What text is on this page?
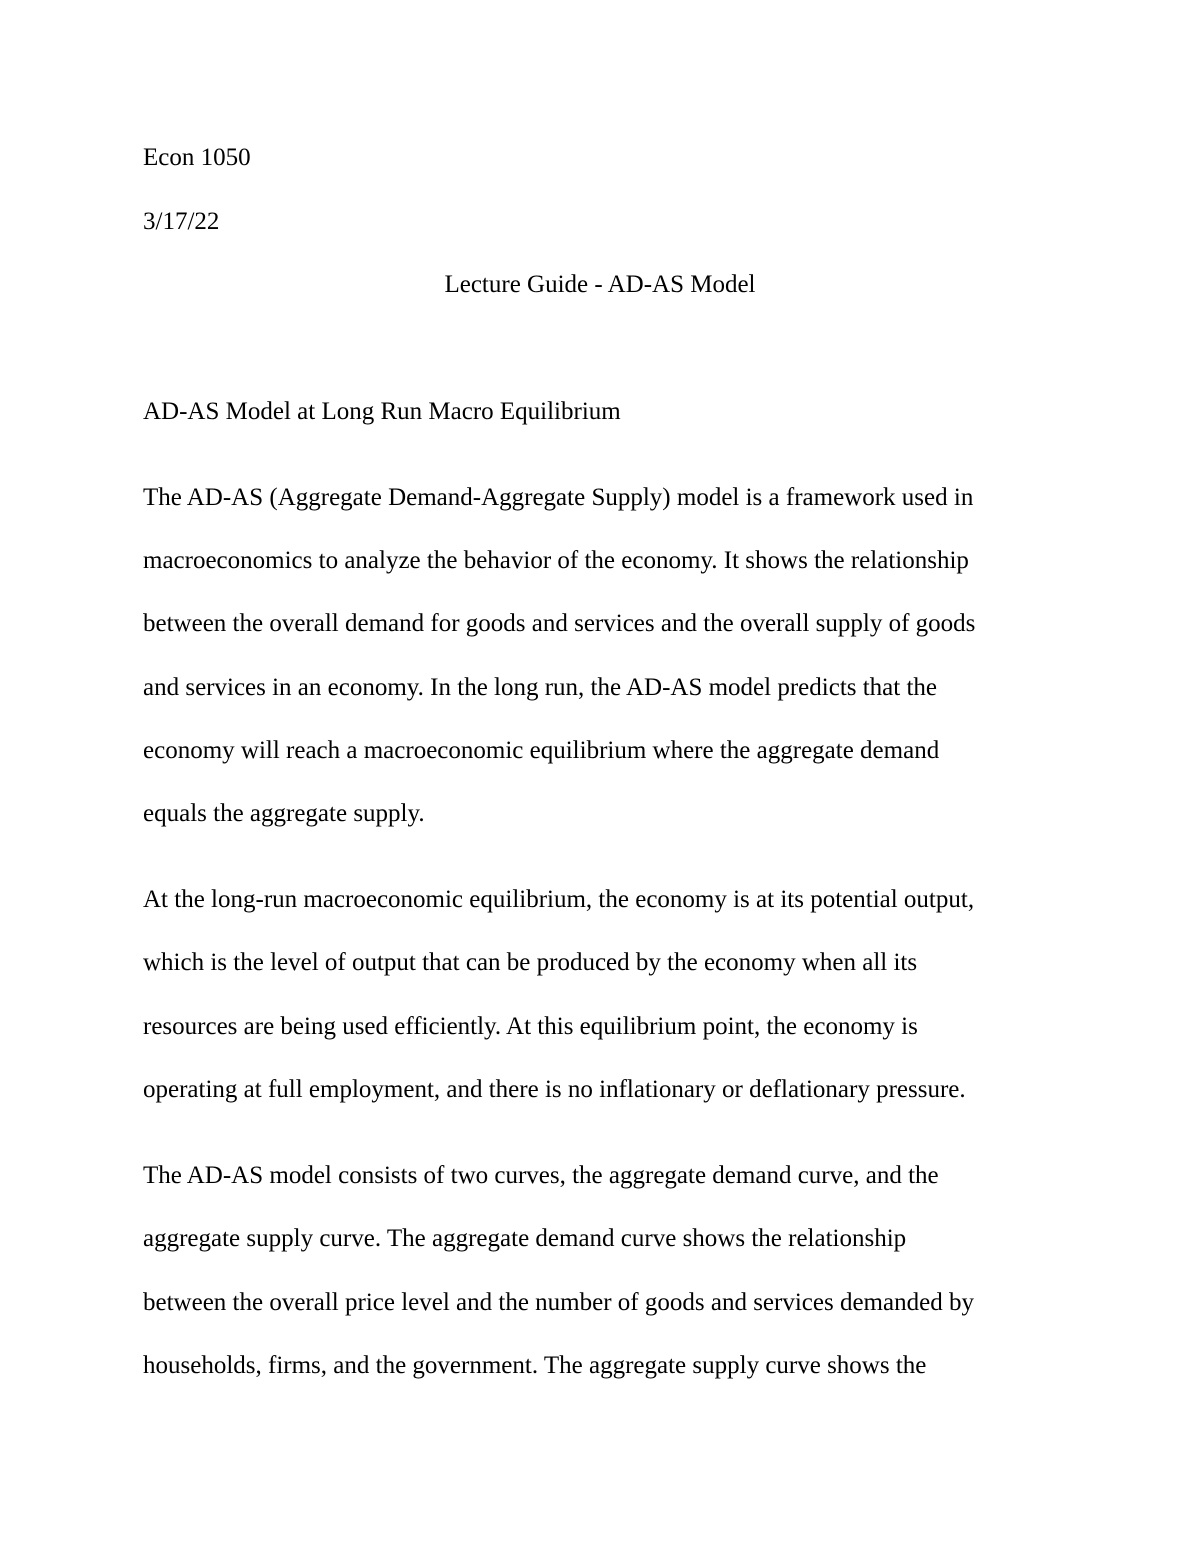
Econ 1050
3/17/22
Lecture Guide - AD-AS Model
AD-AS Model at Long Run Macro Equilibrium
The AD-AS (Aggregate Demand-Aggregate Supply) model is a framework used in
macroeconomics to analyze the behavior of the economy. It shows the relationship
between the overall demand for goods and services and the overall supply of goods
and services in an economy. In the long run, the AD-AS model predicts that the
economy will reach a macroeconomic equilibrium where the aggregate demand
equals the aggregate supply.
At the long-run macroeconomic equilibrium, the economy is at its potential output,
which is the level of output that can be produced by the economy when all its
resources are being used efficiently. At this equilibrium point, the economy is
operating at full employment, and there is no inflationary or deflationary pressure.
The AD-AS model consists of two curves, the aggregate demand curve, and the
aggregate supply curve. The aggregate demand curve shows the relationship
between the overall price level and the number of goods and services demanded by
households, firms, and the government. The aggregate supply curve shows the
